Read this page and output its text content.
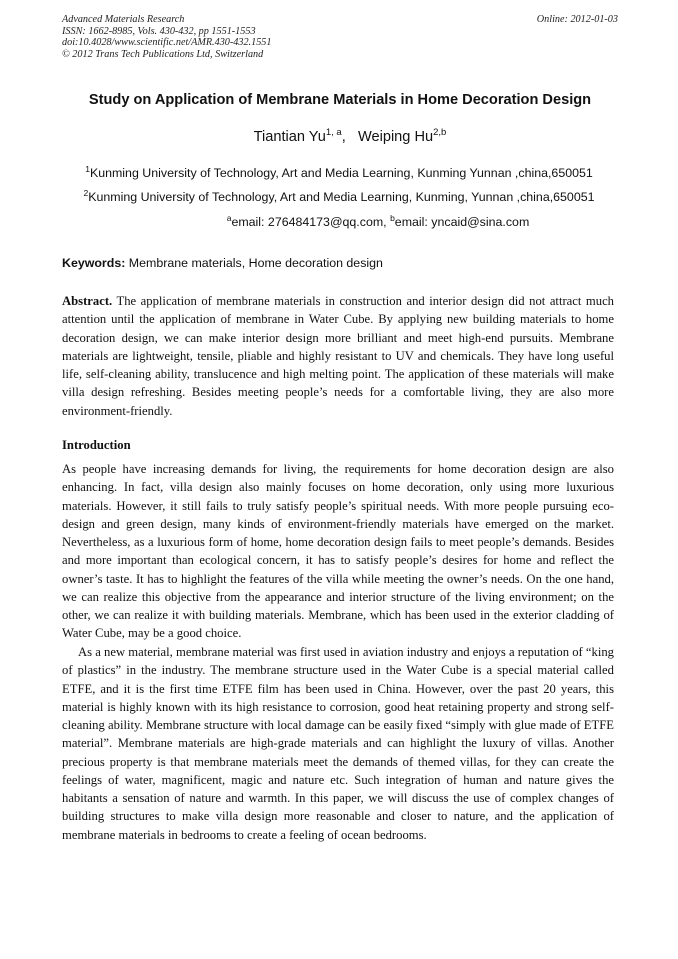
Advanced Materials Research	Online: 2012-01-03
ISSN: 1662-8985, Vols. 430-432, pp 1551-1553
doi:10.4028/www.scientific.net/AMR.430-432.1551
© 2012 Trans Tech Publications Ltd, Switzerland
Study on Application of Membrane Materials in Home Decoration Design
Tiantian Yu$^{1, a}$, Weiping Hu$^{2,b}$
$^1$Kunming University of Technology, Art and Media Learning, Kunming Yunnan ,china,650051
$^2$Kunming University of Technology, Art and Media Learning, Kunming, Yunnan ,china,650051
$^a$email: 276484173@qq.com, $^b$email: yncaid@sina.com
Keywords: Membrane materials, Home decoration design
Abstract. The application of membrane materials in construction and interior design did not attract much attention until the application of membrane in Water Cube. By applying new building materials to home decoration design, we can make interior design more brilliant and meet high-end pursuits. Membrane materials are lightweight, tensile, pliable and highly resistant to UV and chemicals. They have long useful life, self-cleaning ability, translucence and high melting point. The application of these materials will make villa design refreshing. Besides meeting people’s needs for a comfortable living, they are also more environment-friendly.
Introduction
As people have increasing demands for living, the requirements for home decoration design are also enhancing. In fact, villa design also mainly focuses on home decoration, only using more luxurious materials. However, it still fails to truly satisfy people’s spiritual needs. With more people pursuing eco-design and green design, many kinds of environment-friendly materials have emerged on the market. Nevertheless, as a luxurious form of home, home decoration design fails to meet people’s demands. Besides and more important than ecological concern, it has to satisfy people’s desires for home and reflect the owner’s taste. It has to highlight the features of the villa while meeting the owner’s needs. On the one hand, we can realize this objective from the appearance and interior structure of the living environment; on the other, we can realize it with building materials. Membrane, which has been used in the exterior cladding of Water Cube, may be a good choice.
As a new material, membrane material was first used in aviation industry and enjoys a reputation of “king of plastics” in the industry. The membrane structure used in the Water Cube is a special material called ETFE, and it is the first time ETFE film has been used in China. However, over the past 20 years, this material is highly known with its high resistance to corrosion, good heat retaining property and strong self-cleaning ability. Membrane structure with local damage can be easily fixed “simply with glue made of ETFE material”. Membrane materials are high-grade materials and can highlight the luxury of villas. Another precious property is that membrane materials meet the demands of themed villas, for they can create the feelings of water, magnificent, magic and nature etc. Such integration of human and nature gives the habitants a sensation of nature and warmth. In this paper, we will discuss the use of complex changes of building structures to make villa design more reasonable and closer to nature, and the application of membrane materials in bedrooms to create a feeling of ocean bedrooms.
